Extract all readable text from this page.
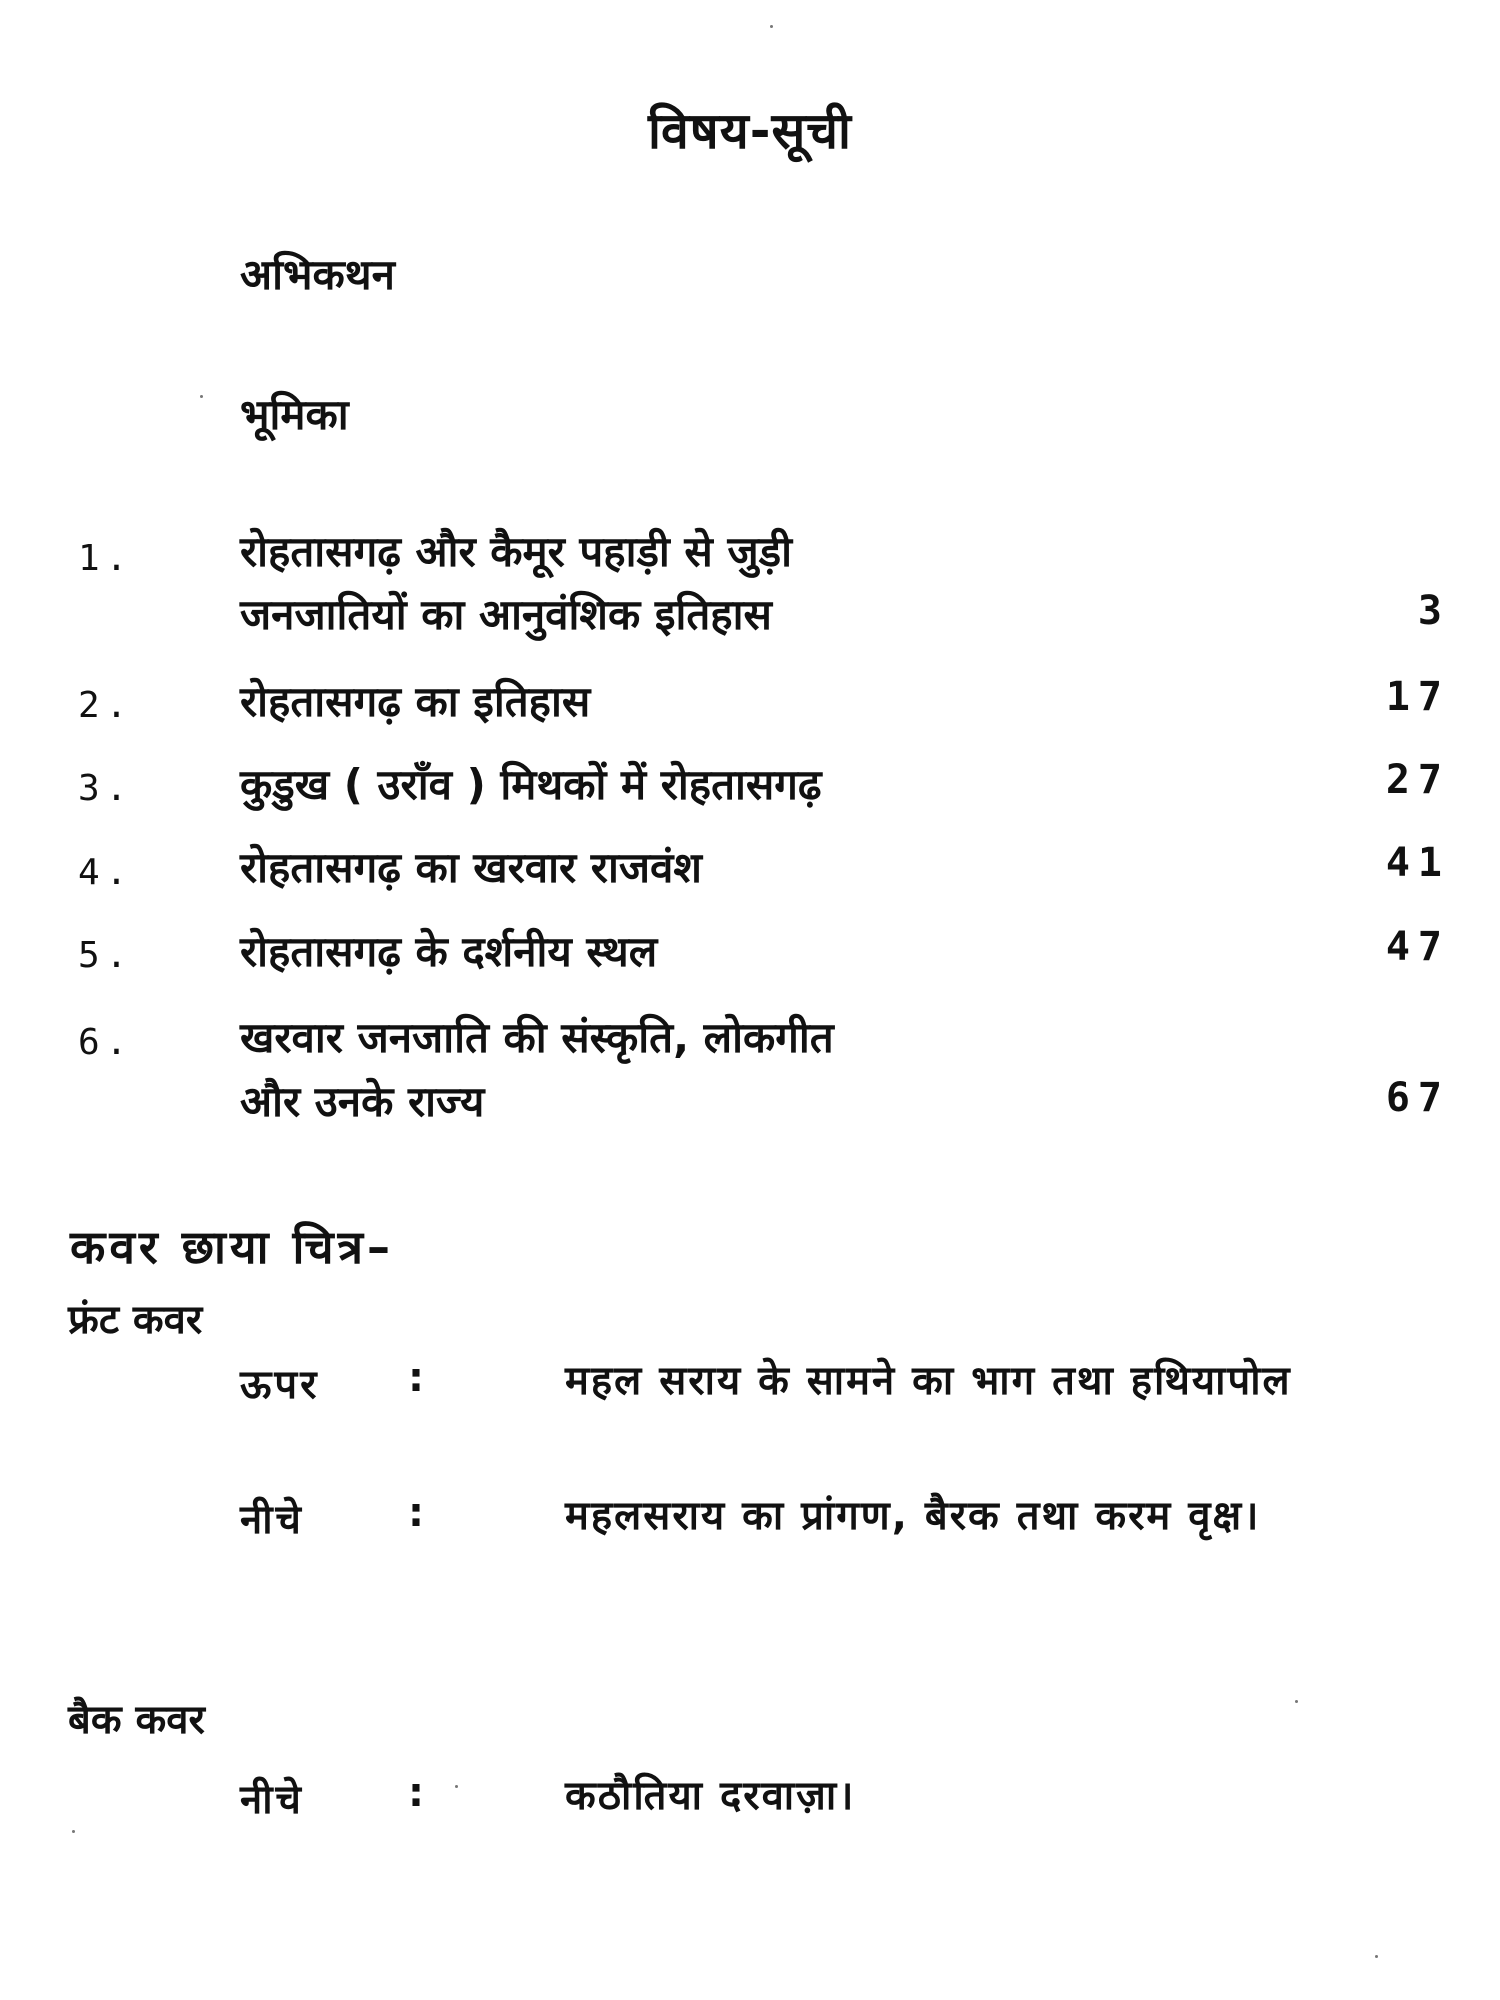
विषय-सूची
अभिकथन
भूमिका
1.	रोहतासगढ़ और कैमूर पहाड़ी से जुड़ी
जनजातियों का आनुवंशिक इतिहास	3
2.	रोहतासगढ़ का इतिहास	17
3.	कुडुख ( उराँव ) मिथकों में रोहतासगढ़	27
4.	रोहतासगढ़ का खरवार राजवंश	41
5.	रोहतासगढ़ के दर्शनीय स्थल	47
6.	खरवार जनजाति की संस्कृति, लोकगीत
और उनके राज्य	67
कवर छाया चित्र–
फ्रंट कवर
ऊपर :	महल सराय के सामने का भाग तथा हथियापोल
नीचे	:	महलसराय का प्रांगण, बैरक तथा करम वृक्ष।
बैक कवर
नीचे	:	कठौतिया दरवाज़ा।
